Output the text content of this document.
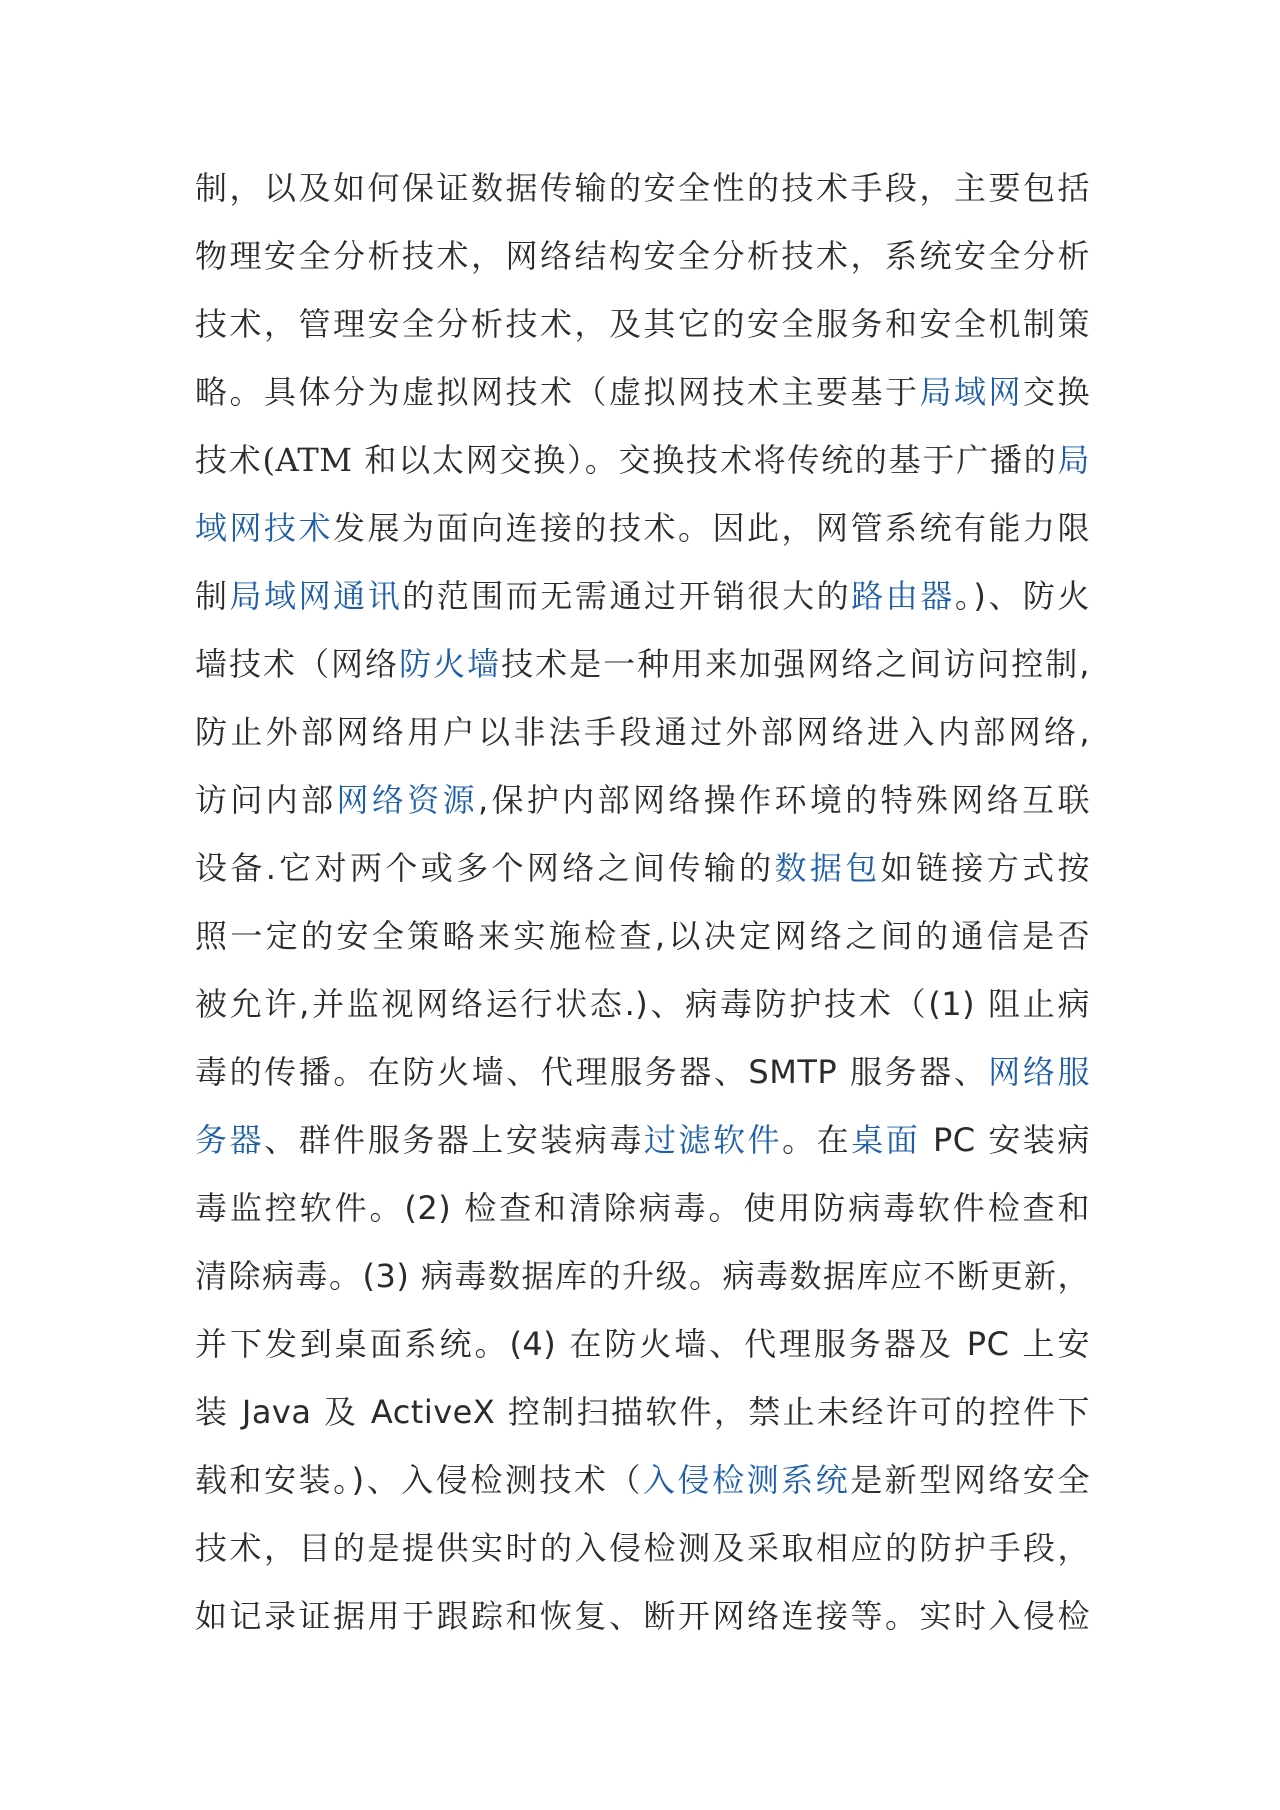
制，以及如何保证数据传输的安全性的技术手段，主要包括
物理安全分析技术，网络结构安全分析技术，系统安全分析
技术，管理安全分析技术，及其它的安全服务和安全机制策
略。具体分为虚拟网技术（虚拟网技术主要基于局域网交换
技术(ATM 和以太网交换）。交换技术将传统的基于广播的局
域网技术发展为面向连接的技术。因此，网管系统有能力限
制局域网通讯的范围而无需通过开销很大的路由器。)、防火
墙技术（网络防火墙技术是一种用来加强网络之间访问控制,
防止外部网络用户以非法手段通过外部网络进入内部网络,
访问内部网络资源,保护内部网络操作环境的特殊网络互联
设备.它对两个或多个网络之间传输的数据包如链接方式按
照一定的安全策略来实施检查,以决定网络之间的通信是否
被允许,并监视网络运行状态.)、病毒防护技术（(1) 阻止病
毒的传播。在防火墙、代理服务器、SMTP 服务器、网络服
务器、群件服务器上安装病毒过滤软件。在桌面 PC 安装病
毒监控软件。(2) 检查和清除病毒。使用防病毒软件检查和
清除病毒。(3) 病毒数据库的升级。病毒数据库应不断更新，
并下发到桌面系统。(4) 在防火墙、代理服务器及 PC 上安
装 Java 及 ActiveX 控制扫描软件，禁止未经许可的控件下
载和安装。)、入侵检测技术（入侵检测系统是新型网络安全
技术，目的是提供实时的入侵检测及采取相应的防护手段，
如记录证据用于跟踪和恢复、断开网络连接等。实时入侵检
